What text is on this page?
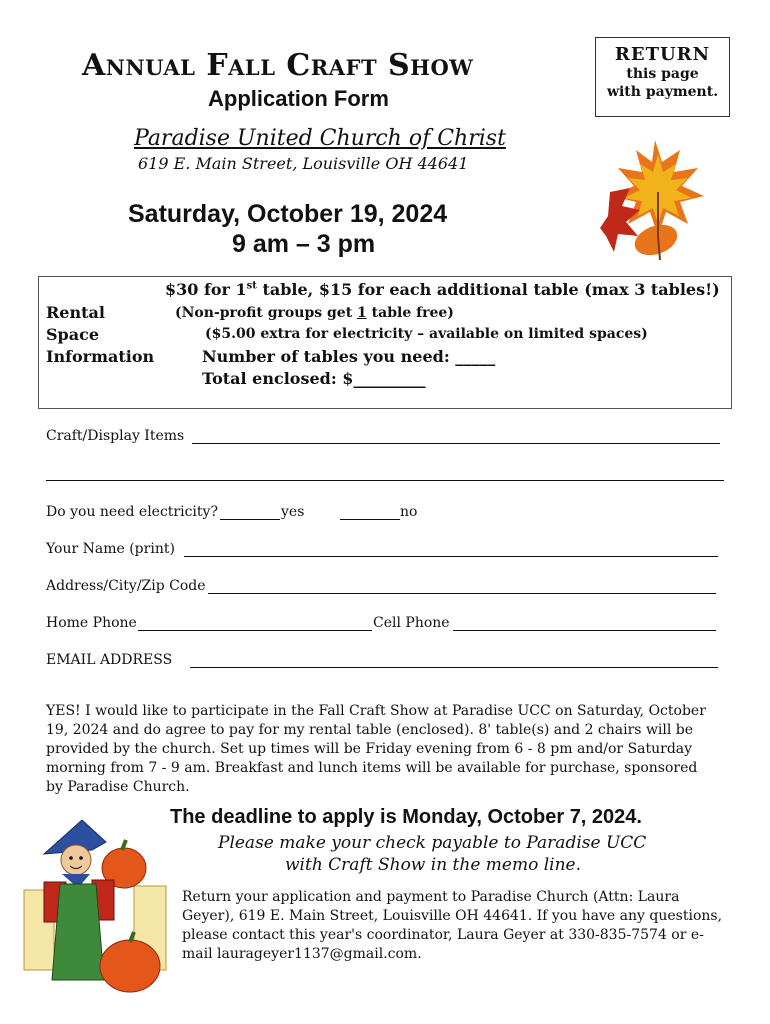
Annual Fall Craft Show
Application Form
RETURN
this page
with payment.
Paradise United Church of Christ
619 E. Main Street, Louisville OH 44641
Saturday, October 19, 2024
9 am – 3 pm
Rental
Space
Information
$30 for 1st table, $15 for each additional table (max 3 tables!)
(Non-profit groups get 1 table free)
($5.00 extra for electricity – available on limited spaces)
Number of tables you need: _____
Total enclosed: $_________
Craft/Display Items
Do you need electricity?	yes	no
Your Name (print)
Address/City/Zip Code
Home Phone	Cell Phone
EMAIL ADDRESS
YES! I would like to participate in the Fall Craft Show at Paradise UCC on Saturday, October 19, 2024 and do agree to pay for my rental table (enclosed). 8' table(s) and 2 chairs will be provided by the church. Set up times will be Friday evening from 6 - 8 pm and/or Saturday morning from 7 - 9 am. Breakfast and lunch items will be available for purchase, sponsored by Paradise Church.
The deadline to apply is Monday, October 7, 2024.
Please make your check payable to Paradise UCC
with Craft Show in the memo line.
Return your application and payment to Paradise Church (Attn: Laura Geyer), 619 E. Main Street, Louisville OH 44641. If you have any questions, please contact this year's coordinator, Laura Geyer at 330-835-7574 or e-mail laurageyer1137@gmail.com.
